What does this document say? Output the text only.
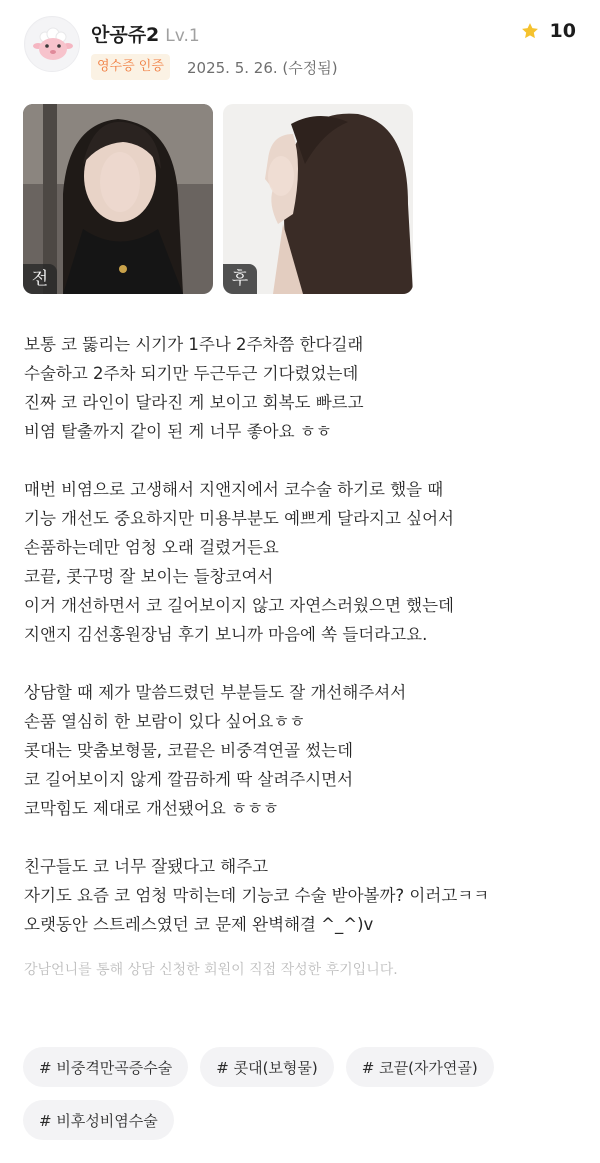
안공쥬2 Lv.1
영수증 인증	2025. 5. 26. (수정됨)
10
전	후
보통 코 뚫리는 시기가 1주나 2주차쯤 한다길래
수술하고 2주차 되기만 두근두근 기다렸었는데
진짜 코 라인이 달라진 게 보이고 회복도 빠르고
비염 탈출까지 같이 된 게 너무 좋아요 ㅎㅎ
매번 비염으로 고생해서 지앤지에서 코수술 하기로 했을 때
기능 개선도 중요하지만 미용부분도 예쁘게 달라지고 싶어서
손품하는데만 엄청 오래 걸렸거든요
코끝, 콧구멍 잘 보이는 들창코여서
이거 개선하면서 코 길어보이지 않고 자연스러웠으면 했는데
지앤지 김선홍원장님 후기 보니까 마음에 쏙 들더라고요.
상담할 때 제가 말씀드렸던 부분들도 잘 개선해주셔서
손품 열심히 한 보람이 있다 싶어요ㅎㅎ
콧대는 맞춤보형물, 코끝은 비중격연골 썼는데
코 길어보이지 않게 깔끔하게 딱 살려주시면서
코막힘도 제대로 개선됐어요 ㅎㅎㅎ
친구들도 코 너무 잘됐다고 해주고
자기도 요즘 코 엄청 막히는데 기능코 수술 받아볼까? 이러고ㅋㅋ
오랫동안 스트레스였던 코 문제 완벽해결 ^_^)v
강남언니를 통해 상담 신청한 회원이 직접 작성한 후기입니다.
# 비중격만곡증수술	# 콧대(보형물)	# 코끝(자가연골)
# 비후성비염수술
